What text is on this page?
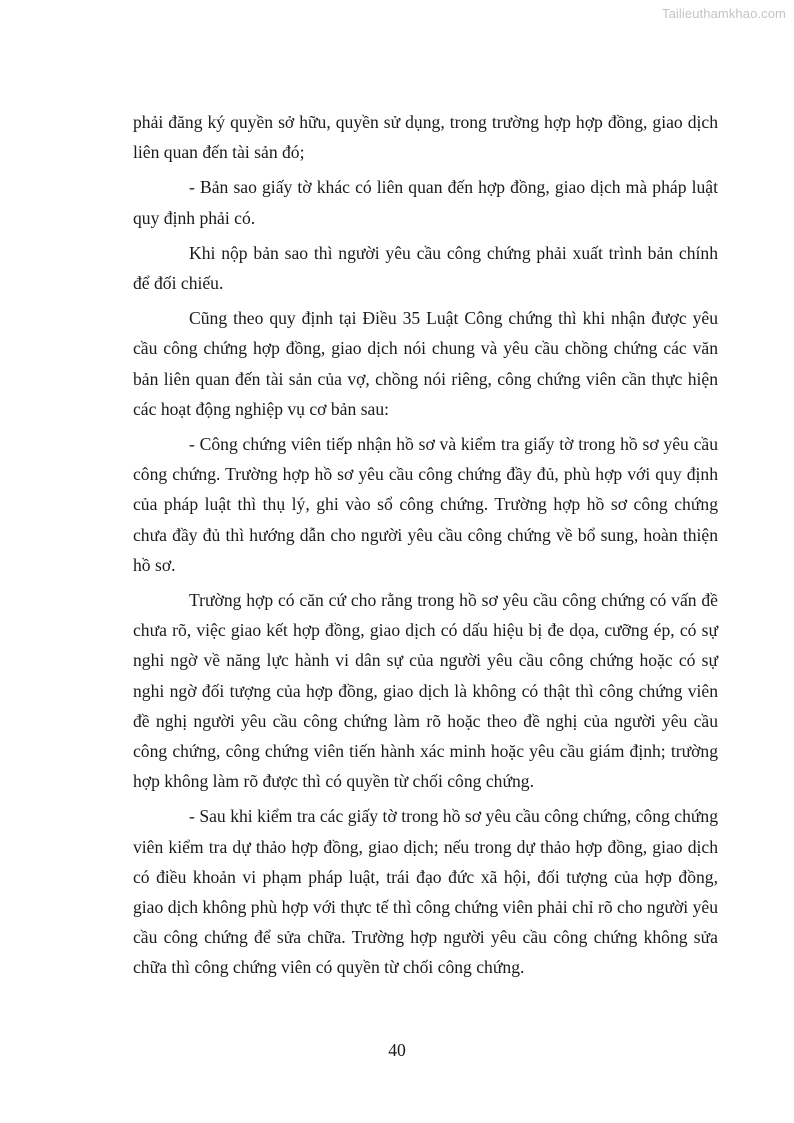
Tailieuthamkhao.com

phải đăng ký quyền sở hữu, quyền sử dụng, trong trường hợp hợp đồng, giao dịch liên quan đến tài sản đó;

- Bản sao giấy tờ khác có liên quan đến hợp đồng, giao dịch mà pháp luật quy định phải có.

Khi nộp bản sao thì người yêu cầu công chứng phải xuất trình bản chính để đối chiếu.

Cũng theo quy định tại Điều 35 Luật Công chứng thì khi nhận được yêu cầu công chứng hợp đồng, giao dịch nói chung và yêu cầu chồng chứng các văn bản liên quan đến tài sản của vợ, chồng nói riêng, công chứng viên cần thực hiện các hoạt động nghiệp vụ cơ bản sau:

- Công chứng viên tiếp nhận hồ sơ và kiểm tra giấy tờ trong hồ sơ yêu cầu công chứng. Trường hợp hồ sơ yêu cầu công chứng đầy đủ, phù hợp với quy định của pháp luật thì thụ lý, ghi vào sổ công chứng. Trường hợp hồ sơ công chứng chưa đầy đủ thì hướng dẫn cho người yêu cầu công chứng về bổ sung, hoàn thiện hồ sơ.

Trường hợp có căn cứ cho rằng trong hồ sơ yêu cầu công chứng có vấn đề chưa rõ, việc giao kết hợp đồng, giao dịch có dấu hiệu bị đe dọa, cưỡng ép, có sự nghi ngờ về năng lực hành vi dân sự của người yêu cầu công chứng hoặc có sự nghi ngờ đối tượng của hợp đồng, giao dịch là không có thật thì công chứng viên đề nghị người yêu cầu công chứng làm rõ hoặc theo đề nghị của người yêu cầu công chứng, công chứng viên tiến hành xác minh hoặc yêu cầu giám định; trường hợp không làm rõ được thì có quyền từ chối công chứng.

- Sau khi kiểm tra các giấy tờ trong hồ sơ yêu cầu công chứng, công chứng viên kiểm tra dự thảo hợp đồng, giao dịch; nếu trong dự thảo hợp đồng, giao dịch có điều khoản vi phạm pháp luật, trái đạo đức xã hội, đối tượng của hợp đồng, giao dịch không phù hợp với thực tế thì công chứng viên phải chỉ rõ cho người yêu cầu công chứng để sửa chữa. Trường hợp người yêu cầu công chứng không sửa chữa thì công chứng viên có quyền từ chối công chứng.

40
